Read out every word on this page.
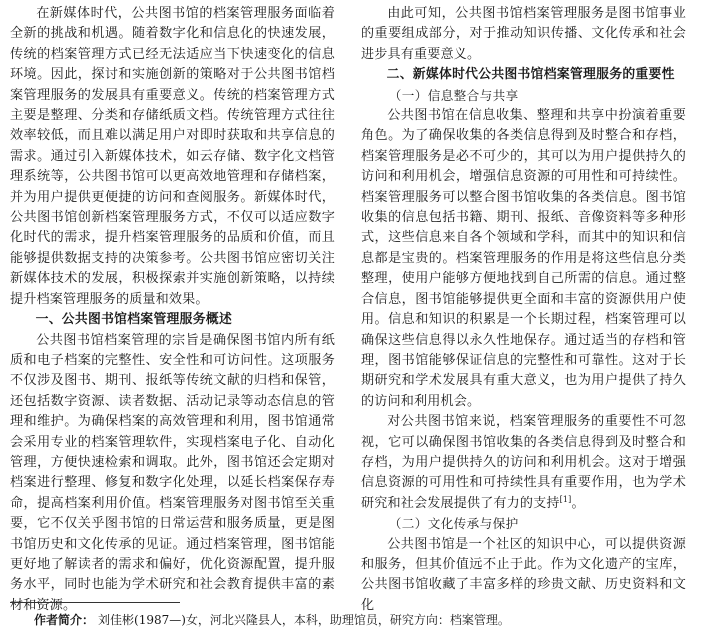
在新媒体时代，公共图书馆的档案管理服务面临着全新的挑战和机遇。随着数字化和信息化的快速发展，传统的档案管理方式已经无法适应当下快速变化的信息环境。因此，探讨和实施创新的策略对于公共图书馆档案管理服务的发展具有重要意义。传统的档案管理方式主要是整理、分类和存储纸质文档。传统管理方式往往效率较低，而且难以满足用户对即时获取和共享信息的需求。通过引入新媒体技术，如云存储、数字化文档管理系统等，公共图书馆可以更高效地管理和存储档案，并为用户提供更便捷的访问和查阅服务。新媒体时代，公共图书馆创新档案管理服务方式，不仅可以适应数字化时代的需求，提升档案管理服务的品质和价值，而且能够提供数据支持的决策参考。公共图书馆应密切关注新媒体技术的发展，积极探索并实施创新策略，以持续提升档案管理服务的质量和效果。

一、公共图书馆档案管理服务概述

公共图书馆档案管理的宗旨是确保图书馆内所有纸质和电子档案的完整性、安全性和可访问性。这项服务不仅涉及图书、期刊、报纸等传统文献的归档和保管，还包括数字资源、读者数据、活动记录等动态信息的管理和维护。为确保档案的高效管理和利用，图书馆通常会采用专业的档案管理软件，实现档案电子化、自动化管理，方便快速检索和调取。此外，图书馆还会定期对档案进行整理、修复和数字化处理，以延长档案保存寿命，提高档案利用价值。档案管理服务对图书馆至关重要，它不仅关乎图书馆的日常运营和服务质量，更是图书馆历史和文化传承的见证。通过档案管理，图书馆能更好地了解读者的需求和偏好，优化资源配置，提升服务水平，同时也能为学术研究和社会教育提供丰富的素材和资源。

由此可知，公共图书馆档案管理服务是图书馆事业的重要组成部分，对于推动知识传播、文化传承和社会进步具有重要意义。

二、新媒体时代公共图书馆档案管理服务的重要性
（一）信息整合与共享

公共图书馆在信息收集、整理和共享中扮演着重要角色。为了确保收集的各类信息得到及时整合和存档，档案管理服务是必不可少的，其可以为用户提供持久的访问和利用机会，增强信息资源的可用性和可持续性。档案管理服务可以整合图书馆收集的各类信息。图书馆收集的信息包括书籍、期刊、报纸、音像资料等多种形式，这些信息来自各个领域和学科，而其中的知识和信息都是宝贵的。档案管理服务的作用是将这些信息分类整理，使用户能够方便地找到自己所需的信息。通过整合信息，图书馆能够提供更全面和丰富的资源供用户使用。信息和知识的积累是一个长期过程，档案管理可以确保这些信息得以永久性地保存。通过适当的存档和管理，图书馆能够保证信息的完整性和可靠性。这对于长期研究和学术发展具有重大意义，也为用户提供了持久的访问和利用机会。

对公共图书馆来说，档案管理服务的重要性不可忽视，它可以确保图书馆收集的各类信息得到及时整合和存档，为用户提供持久的访问和利用机会。这对于增强信息资源的可用性和可持续性具有重要作用，也为学术研究和社会发展提供了有力的支持[1]。

（二）文化传承与保护

公共图书馆是一个社区的知识中心，可以提供资源和服务，但其价值远不止于此。作为文化遗产的宝库，公共图书馆收藏了丰富多样的珍贵文献、历史资料和文化

作者简介： 刘佳彬(1987—)女，河北兴隆县人，本科，助理馆员，研究方向：档案管理。
